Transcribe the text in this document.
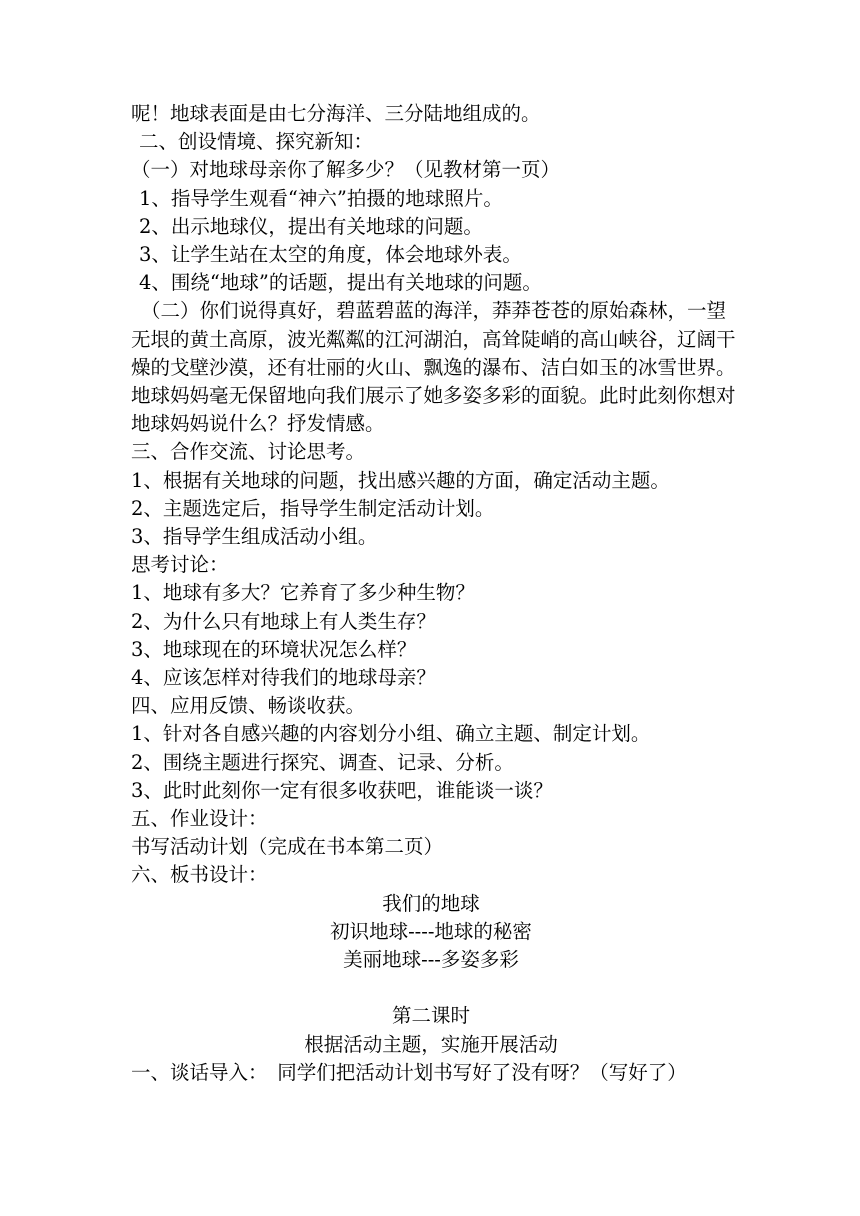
呢！地球表面是由七分海洋、三分陆地组成的。
二、创设情境、探究新知：
（一）对地球母亲你了解多少？（见教材第一页）
1、指导学生观看“神六”拍摄的地球照片。
2、出示地球仪，提出有关地球的问题。
3、让学生站在太空的角度，体会地球外表。
4、围绕“地球”的话题，提出有关地球的问题。
（二）你们说得真好，碧蓝碧蓝的海洋，莽莽苍苍的原始森林，一望无垠的黄土高原，波光粼粼的江河湖泊，高耸陡峭的高山峡谷，辽阔干燥的戈壁沙漠，还有壮丽的火山、飘逸的瀑布、洁白如玉的冰雪世界。地球妈妈毫无保留地向我们展示了她多姿多彩的面貌。此时此刻你想对地球妈妈说什么？抒发情感。
三、合作交流、讨论思考。
1、根据有关地球的问题，找出感兴趣的方面，确定活动主题。
2、主题选定后，指导学生制定活动计划。
3、指导学生组成活动小组。
思考讨论：
1、地球有多大？它养育了多少种生物？
2、为什么只有地球上有人类生存？
3、地球现在的环境状况怎么样？
4、应该怎样对待我们的地球母亲？
四、应用反馈、畅谈收获。
1、针对各自感兴趣的内容划分小组、确立主题、制定计划。
2、围绕主题进行探究、调查、记录、分析。
3、此时此刻你一定有很多收获吧，谁能谈一谈？
五、作业设计：
书写活动计划（完成在书本第二页）
六、板书设计：
我们的地球
初识地球----地球的秘密
美丽地球---多姿多彩
第二课时
根据活动主题，实施开展活动
一、谈话导入：　同学们把活动计划书写好了没有呀？（写好了）
